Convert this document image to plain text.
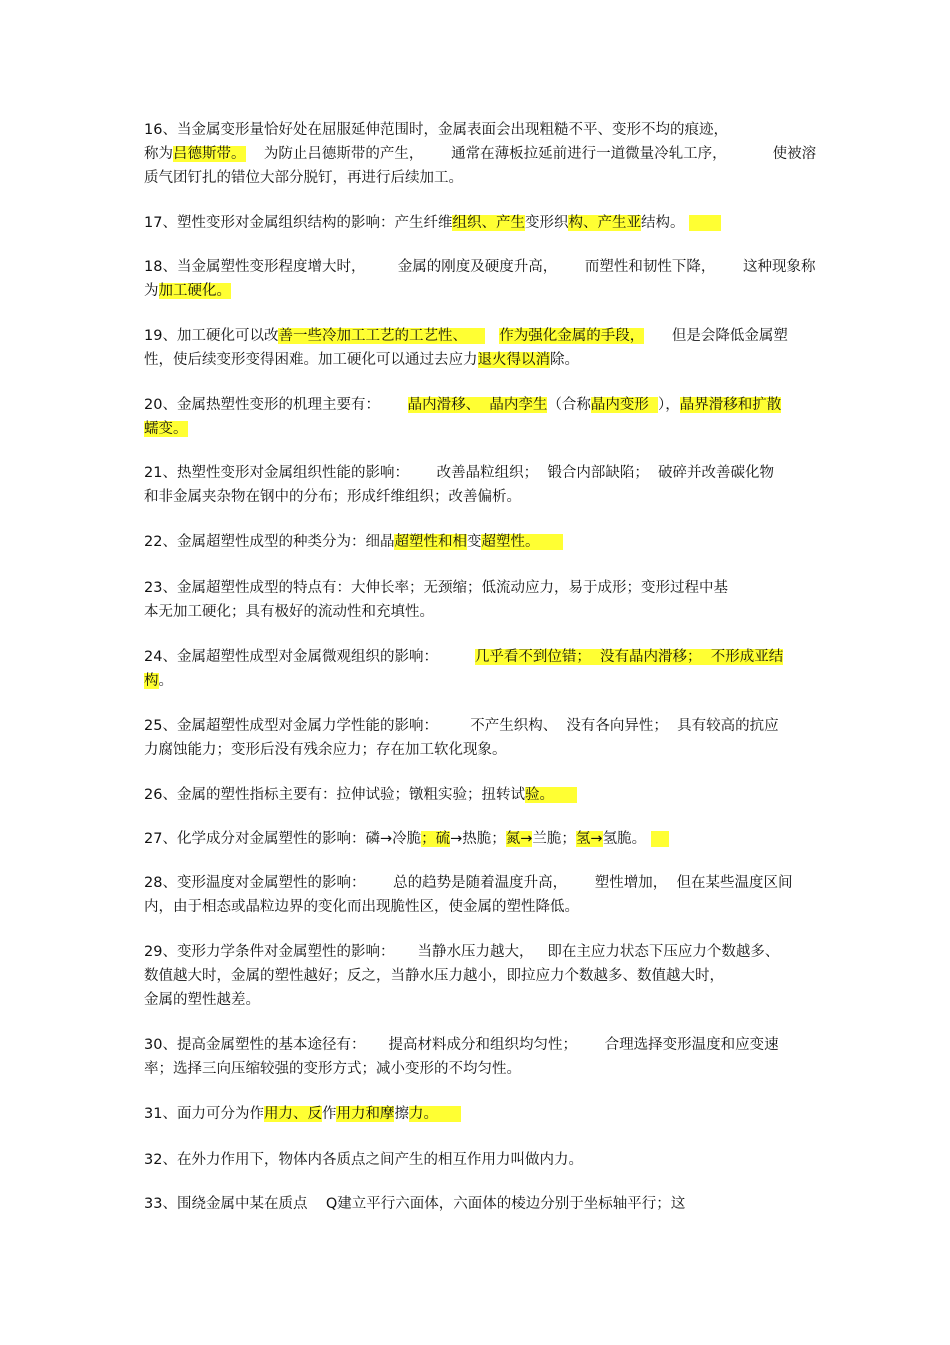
16、当金属变形量恰好处在屈服延伸范围时，金属表面会出现粗糙不平、变形不均的痕迹，
称为吕德斯带。    为防止吕德斯带的产生，      通常在薄板拉延前进行一道微量冷轧工序，          使被溶
质气团钉扎的错位大部分脱钉，再进行后续加工。
17、塑性变形对金属组织结构的影响：产生纤维组织、产生变形织构、产生亚结构。
18、当金属塑性变形程度增大时，       金属的刚度及硬度升高，      而塑性和韧性下降，      这种现象称
为加工硬化。
19、加工硬化可以改善一些冷加工工艺的工艺性、       作为强化金属的手段，      但是会降低金属塑
性，使后续变形变得困难。加工硬化可以通过去应力退火得以消除。
20、金属热塑性变形的机理主要有：      晶内滑移、  晶内孪生（合称晶内变形  ），晶界滑移和扩散
蠕变。
21、热塑性变形对金属组织性能的影响：      改善晶粒组织；  锻合内部缺陷；  破碎并改善碳化物
和非金属夹杂物在钢中的分布；形成纤维组织；改善偏析。
22、金属超塑性成型的种类分为：细晶超塑性和相变超塑性。
23、金属超塑性成型的特点有：大伸长率；无颈缩；低流动应力，易于成形；变形过程中基
本无加工硬化；具有极好的流动性和充填性。
24、金属超塑性成型对金属微观组织的影响：        几乎看不到位错；  没有晶内滑移；  不形成亚结
构。
25、金属超塑性成型对金属力学性能的影响：       不产生织构、  没有各向异性；  具有较高的抗应
力腐蚀能力；变形后没有残余应力；存在加工软化现象。
26、金属的塑性指标主要有：拉伸试验；镦粗实验；扭转试验。
27、化学成分对金属塑性的影响：磷→冷脆；硫→热脆；氮→兰脆；氢→氢脆。
28、变形温度对金属塑性的影响：      总的趋势是随着温度升高，      塑性增加，  但在某些温度区间
内，由于相态或晶粒边界的变化而出现脆性区，使金属的塑性降低。
29、变形力学条件对金属塑性的影响：     当静水压力越大，   即在主应力状态下压应力个数越多、
数值越大时，金属的塑性越好；反之，当静水压力越小，即拉应力个数越多、数值越大时，
金属的塑性越差。
30、提高金属塑性的基本途径有：     提高材料成分和组织均匀性；      合理选择变形温度和应变速
率；选择三向压缩较强的变形方式；减小变形的不均匀性。
31、面力可分为作用力、反作用力和摩擦力。
32、在外力作用下，物体内各质点之间产生的相互作用力叫做内力。
33、围绕金属中某在质点    Q建立平行六面体，六面体的棱边分别于坐标轴平行；这
